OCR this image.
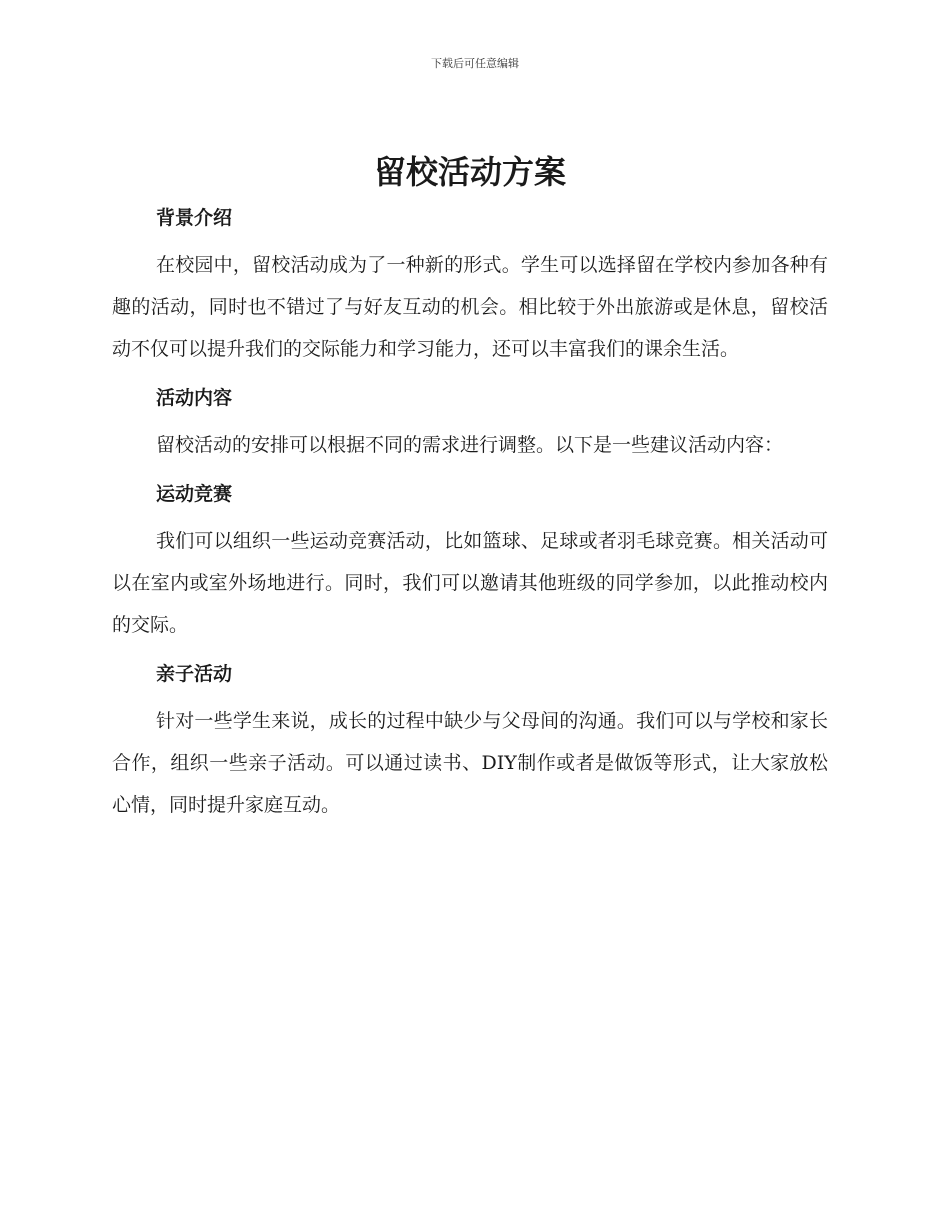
下载后可任意编辑
留校活动方案
背景介绍

在校园中，留校活动成为了一种新的形式。学生可以选择留在学校内参加各种有趣的活动，同时也不错过了与好友互动的机会。相比较于外出旅游或是休息，留校活动不仅可以提升我们的交际能力和学习能力，还可以丰富我们的课余生活。

活动内容

留校活动的安排可以根据不同的需求进行调整。以下是一些建议活动内容：

运动竞赛

我们可以组织一些运动竞赛活动，比如篮球、足球或者羽毛球竞赛。相关活动可以在室内或室外场地进行。同时，我们可以邀请其他班级的同学参加，以此推动校内的交际。

亲子活动

针对一些学生来说，成长的过程中缺少与父母间的沟通。我们可以与学校和家长合作，组织一些亲子活动。可以通过读书、DIY制作或者是做饭等形式，让大家放松心情，同时提升家庭互动。
